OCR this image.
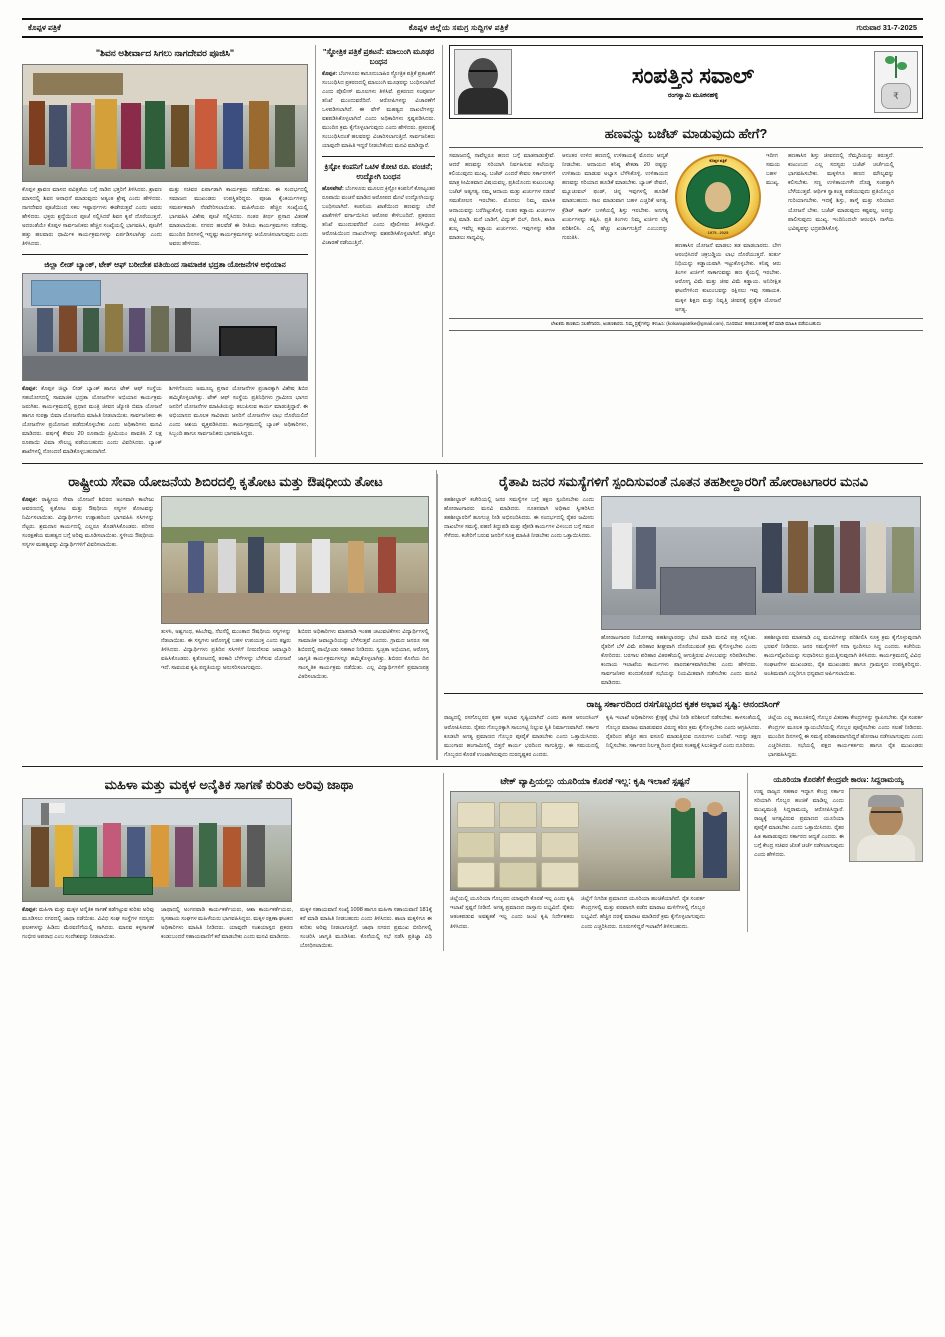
ಕೊಪ್ಪಳ ಪತ್ರಿಕೆ	ಕೊಪ್ಪಳ ಜಿಲ್ಲೆಯ ಸಮಗ್ರ ಸುದ್ದಿಗಳ ಪತ್ರಿಕೆ	ಗುರುವಾರ 31-7-2025
"ಶಿವನ ಅಶೀರ್ವಾದ ಸಿಗಲು ನಾಗದೇವರ ಪೂಜಿಸಿ"
ಕೊಪ್ಪಳ ಶ್ರಾವಣ ಮಾಸದ ಪವಿತ್ರತೆಯ ಬಗ್ಗೆ ನಾಡಿನ ಭಕ್ತರಿಗೆ ತಿಳಿಸಿದರು. ಶ್ರಾವಣ ಮಾಸದಲ್ಲಿ ಶಿವನ ಆರಾಧನೆ ಮಾಡುವುದು ಅತ್ಯಂತ ಶ್ರೇಷ್ಠ ಎಂದು ಹೇಳಿದರು. ನಾಗದೇವರ ಪೂಜೆಯಿಂದ ಸಕಲ ಇಷ್ಟಾರ್ಥಗಳು ಈಡೇರುತ್ತವೆ ಎಂದು ಅವರು ಹೇಳಿದರು. ಭಕ್ತರು ಶ್ರದ್ಧೆಯಿಂದ ಪೂಜೆ ಸಲ್ಲಿಸಿದರೆ ಶಿವನ ಕೃಪೆ ದೊರೆಯುತ್ತದೆ. ಅದರಂತೆಯೇ ಕೊಪ್ಪಳ ಸಾರ್ವಜನಿಕರು ಹೆಚ್ಚಿನ ಸಂಖ್ಯೆಯಲ್ಲಿ ಭಾಗವಹಿಸಿ, ಪೂಜೆಗೆ ಹತ್ತು ಹಲವಾರು ಧಾರ್ಮಿಕ ಕಾರ್ಯಕ್ರಮಗಳನ್ನು ಏರ್ಪಡಿಸಲಾಗಿತ್ತು ಎಂದು ತಿಳಿಸಿದರು.
ಮತ್ತು ಸಚಿವರ ಏರ್ಪಾಡಾಗಿ ಕಾರ್ಯಕ್ರಮ ನಡೆಯಿತು. ಈ ಸಂದರ್ಭದಲ್ಲಿ ಸಮಾಜದ ಮುಖಂಡರು ಉಪಸ್ಥಿತರಿದ್ದರು. ಪೂಜಾ ಕೈಂಕರ್ಯಗಳನ್ನು ಸಮರ್ಪಕವಾಗಿ ನೆರವೇರಿಸಲಾಯಿತು. ಮಹಿಳೆಯರು ಹೆಚ್ಚಿನ ಸಂಖ್ಯೆಯಲ್ಲಿ ಭಾಗವಹಿಸಿ ವಿಶೇಷ ಪೂಜೆ ಸಲ್ಲಿಸಿದರು. ನಂತರ ತೀರ್ಥ ಪ್ರಸಾದ ವಿತರಣೆ ಮಾಡಲಾಯಿತು. ನಗರದ ಹಲವೆಡೆ ಈ ರೀತಿಯ ಕಾರ್ಯಕ್ರಮಗಳು ನಡೆದವು. ಮುಂದಿನ ದಿನಗಳಲ್ಲಿ ಇನ್ನಷ್ಟು ಕಾರ್ಯಕ್ರಮಗಳನ್ನು ಆಯೋಜಿಸಲಾಗುವುದು ಎಂದು ಅವರು ಹೇಳಿದರು.
ಜಿಲ್ಲಾ ಲೀಡ್ ಬ್ಯಾಂಕ್, ಟೇಕ್ ಆಫ್ ಬರೀದೇಶ ವತಿಯಿಂದ ಸಾಮಾಜಿಕ ಭದ್ರತಾ ಯೋಜನೆಗಳ ಅಭಿಯಾನ
ಕೊಪ್ಪಳ: ಕೊಪ್ಪಳ ಜಿಲ್ಲಾ ಲೀಡ್ ಬ್ಯಾಂಕ್ ಹಾಗೂ ಟೇಕ್ ಆಫ್ ಸಂಸ್ಥೆಯ ಸಹಯೋಗದಲ್ಲಿ ಸಾಮಾಜಿಕ ಭದ್ರತಾ ಯೋಜನೆಗಳ ಅಭಿಯಾನ ಕಾರ್ಯಕ್ರಮ ಜರುಗಿತು. ಕಾರ್ಯಕ್ರಮದಲ್ಲಿ ಪ್ರಧಾನ ಮಂತ್ರಿ ಜೀವನ ಜ್ಯೋತಿ ಬಿಮಾ ಯೋಜನೆ ಹಾಗೂ ಸುರಕ್ಷಾ ಬಿಮಾ ಯೋಜನೆಯ ಮಾಹಿತಿ ನೀಡಲಾಯಿತು. ಸಾರ್ವಜನಿಕರು ಈ ಯೋಜನೆಗಳ ಪ್ರಯೋಜನ ಪಡೆದುಕೊಳ್ಳಬೇಕು ಎಂದು ಅಧಿಕಾರಿಗಳು ಮನವಿ ಮಾಡಿದರು. ವರ್ಷಕ್ಕೆ ಕೇವಲ 20 ರೂಪಾಯಿ ಪ್ರೀಮಿಯಂ ಪಾವತಿಸಿ 2 ಲಕ್ಷ ರೂಪಾಯಿ ವಿಮಾ ಸೌಲಭ್ಯ ಪಡೆಯಬಹುದು ಎಂದು ವಿವರಿಸಿದರು. ಬ್ಯಾಂಕ್ ಶಾಖೆಗಳಲ್ಲಿ ನೋಂದಣಿ ಮಾಡಿಕೊಳ್ಳಬಹುದಾಗಿದೆ.
ಶಿಗಳಿಗೊಂದು ಅಮೂಲ್ಯ ಪ್ರಸಾರ ಯೋಜನೆಗಳ ಪ್ರಚಾರಕ್ಕಾಗಿ ವಿಶೇಷ ಶಿಬಿರ ಹಮ್ಮಿಕೊಳ್ಳಲಾಗಿತ್ತು. ಟೇಕ್ ಆಫ್ ಸಂಸ್ಥೆಯ ಪ್ರತಿನಿಧಿಗಳು ಗ್ರಾಮೀಣ ಭಾಗದ ಜನರಿಗೆ ಯೋಜನೆಗಳ ಮಾಹಿತಿಯನ್ನು ತಲುಪಿಸುವ ಕಾರ್ಯ ಮಾಡುತ್ತಿದ್ದಾರೆ. ಈ ಅಭಿಯಾನದ ಮೂಲಕ ಸಾವಿರಾರು ಜನರಿಗೆ ಯೋಜನೆಗಳ ಲಾಭ ದೊರೆಯಲಿದೆ ಎಂದು ಆಶಯ ವ್ಯಕ್ತಪಡಿಸಿದರು. ಕಾರ್ಯಕ್ರಮದಲ್ಲಿ ಬ್ಯಾಂಕ್ ಅಧಿಕಾರಿಗಳು, ಸಿಬ್ಬಂದಿ ಹಾಗೂ ಸಾರ್ವಜನಿಕರು ಭಾಗವಹಿಸಿದ್ದರು.
"ಸ್ಥೋತ್ರಿಕ ಪತ್ರಿಕೆ ಪ್ರಕಟನೆ: ಮಾಲುಂಗಿ ಮೂಢರ ಬಂಧನ
ಕೊಪ್ಪಳ: ಬೆಂಗಳೂರು ಕಾನೂನುಬಾಹಿರ ಸ್ಥೋತ್ರಿಕ ಪತ್ರಿಕೆ ಪ್ರಕಟಣೆಗೆ ಸಂಬಂಧಿಸಿದ ಪ್ರಕರಣದಲ್ಲಿ ಮಾಲುಂಗಿ ಮೂಢರನ್ನು ಬಂಧಿಸಲಾಗಿದೆ ಎಂದು ಪೊಲೀಸ್ ಮೂಲಗಳು ತಿಳಿಸಿವೆ. ಪ್ರಕರಣದ ಸಂಪೂರ್ಣ ತನಿಖೆ ಮುಂದುವರೆದಿದೆ. ಆರೋಪಿಗಳನ್ನು ವಿಚಾರಣೆಗೆ ಒಳಪಡಿಸಲಾಗಿದೆ. ಈ ವೇಳೆ ಮಹತ್ವದ ದಾಖಲೆಗಳನ್ನು ವಶಪಡಿಸಿಕೊಳ್ಳಲಾಗಿದೆ ಎಂದು ಅಧಿಕಾರಿಗಳು ಸ್ಪಷ್ಟಪಡಿಸಿದರು. ಮುಂದಿನ ಕ್ರಮ ಕೈಗೊಳ್ಳಲಾಗುವುದು ಎಂದು ಹೇಳಿದರು. ಪ್ರಕರಣಕ್ಕೆ ಸಂಬಂಧಿಸಿದಂತೆ ಹಲವರನ್ನು ವಿಚಾರಿಸಲಾಗುತ್ತಿದೆ. ಸಾರ್ವಜನಿಕರು ಯಾವುದೇ ಮಾಹಿತಿ ಇದ್ದರೆ ನೀಡಬೇಕೆಂದು ಮನವಿ ಮಾಡಿದ್ದಾರೆ.
ಕ್ರಿಸ್ಟೋ ಕಂಪನಿಗೆ ಒಟಿಳ ಕೋಟಿ ರೂ. ವಂಚನೆ; ಉದ್ಯೋಗಿ ಬಂಧನ
ಹೊಸಪೇಟೆ: ಬೆಂಗಳೂರು ಮೂಲದ ಕ್ರಿಸ್ಟೋ ಕಂಪನಿಗೆ ಕೋಟ್ಯಂತರ ರೂಪಾಯಿ ವಂಚನೆ ಮಾಡಿದ ಆರೋಪದ ಮೇಲೆ ಉದ್ಯೋಗಿಯನ್ನು ಬಂಧಿಸಲಾಗಿದೆ. ಕಂಪನಿಯ ಖಾತೆಯಿಂದ ಹಣವನ್ನು ಬೇರೆ ಖಾತೆಗಳಿಗೆ ವರ್ಗಾಯಿಸಿದ ಆರೋಪ ಕೇಳಿಬಂದಿದೆ. ಪ್ರಕರಣದ ತನಿಖೆ ಮುಂದುವರೆದಿದೆ ಎಂದು ಪೊಲೀಸರು ತಿಳಿಸಿದ್ದಾರೆ. ಆರೋಪಿಯಿಂದ ದಾಖಲೆಗಳನ್ನು ವಶಪಡಿಸಿಕೊಳ್ಳಲಾಗಿದೆ. ಹೆಚ್ಚಿನ ವಿಚಾರಣೆ ನಡೆಯುತ್ತಿದೆ.
ಸಂಪತ್ತಿನ ಸವಾಲ್
ರಂಗಸ್ವಾಮಿ ಮೂಕನಹಳ್ಳಿ	₹
ಹಣವನ್ನು ಬಜೆಟ್ ಮಾಡುವುದು ಹೇಗೆ?
ಸಮಾಜದಲ್ಲಿ ನಾವೆಲ್ಲರೂ ಹಣದ ಬಗ್ಗೆ ಮಾತನಾಡುತ್ತೇವೆ. ಆದರೆ ಹಣವನ್ನು ಸರಿಯಾಗಿ ನಿರ್ವಹಿಸುವ ಕಲೆಯನ್ನು ಕಲಿಯುವುದು ಮುಖ್ಯ. ಬಜೆಟ್ ಎಂದರೆ ಕೇವಲ ಸರ್ಕಾರಗಳಿಗೆ ಮಾತ್ರ ಸೀಮಿತವಾದ ವಿಷಯವಲ್ಲ. ಪ್ರತಿಯೊಂದು ಕುಟುಂಬಕ್ಕೂ ಬಜೆಟ್ ಅತ್ಯಗತ್ಯ. ನಮ್ಮ ಆದಾಯ ಮತ್ತು ಖರ್ಚುಗಳ ನಡುವೆ ಸಮತೋಲನ ಇರಬೇಕು. ಮೊದಲು ನಿಮ್ಮ ಮಾಸಿಕ ಆದಾಯವನ್ನು ಬರೆದಿಟ್ಟುಕೊಳ್ಳಿ. ನಂತರ ಕಡ್ಡಾಯ ಖರ್ಚುಗಳ ಪಟ್ಟಿ ಮಾಡಿ. ಮನೆ ಬಾಡಿಗೆ, ವಿದ್ಯುತ್ ಬಿಲ್, ದಿನಸಿ, ಶಾಲಾ ಶುಲ್ಕ ಇವೆಲ್ಲ ಕಡ್ಡಾಯ ಖರ್ಚುಗಳು. ಇವುಗಳನ್ನು ಕಡಿತ ಮಾಡಲು ಸಾಧ್ಯವಿಲ್ಲ.
ಆನಂತರ ಉಳಿದ ಹಣದಲ್ಲಿ ಉಳಿತಾಯಕ್ಕೆ ಮೊದಲ ಆದ್ಯತೆ ನೀಡಬೇಕು. ಆದಾಯದ ಕನಿಷ್ಠ ಶೇಕಡಾ 20 ರಷ್ಟನ್ನು ಉಳಿತಾಯ ಮಾಡುವ ಅಭ್ಯಾಸ ಬೆಳೆಸಿಕೊಳ್ಳಿ. ಉಳಿತಾಯದ ಹಣವನ್ನು ಸರಿಯಾದ ಹೂಡಿಕೆ ಮಾಡಬೇಕು. ಬ್ಯಾಂಕ್ ಠೇವಣಿ, ಮ್ಯೂಚುವಲ್ ಫಂಡ್, ಚಿನ್ನ ಇವುಗಳಲ್ಲಿ ಹೂಡಿಕೆ ಮಾಡಬಹುದು. ಸಾಲ ಮಾಡುವಾಗ ಬಹಳ ಎಚ್ಚರಿಕೆ ಅಗತ್ಯ. ಕ್ರೆಡಿಟ್ ಕಾರ್ಡ್ ಬಳಕೆಯಲ್ಲಿ ಶಿಸ್ತು ಇರಬೇಕು. ಅನಗತ್ಯ ಖರ್ಚುಗಳನ್ನು ತಪ್ಪಿಸಿ. ಪ್ರತಿ ತಿಂಗಳು ನಿಮ್ಮ ಖರ್ಚಿನ ಲೆಕ್ಕ ಪರಿಶೀಲಿಸಿ. ಎಲ್ಲಿ ಹೆಚ್ಚು ಖರ್ಚಾಗುತ್ತಿದೆ ಎಂಬುದನ್ನು ಗುರುತಿಸಿ.
ಕೊಪ್ಪಳ ಪತ್ರಿಕೆ
1975 - 2025
ಇದೀಗ ಸಮಯ ಬಹಳ ಮುಖ್ಯ. ಹಣಕಾಸಿನ ಯೋಜನೆ ಮಾಡಲು ತಡ ಮಾಡಬಾರದು. ಬೇಗ ಆರಂಭಿಸಿದರೆ ಚಕ್ರಬಡ್ಡಿಯ ಲಾಭ ದೊರೆಯುತ್ತದೆ. ತುರ್ತು ನಿಧಿಯನ್ನು ಕಡ್ಡಾಯವಾಗಿ ಇಟ್ಟುಕೊಳ್ಳಬೇಕು. ಕನಿಷ್ಠ ಆರು ತಿಂಗಳ ಖರ್ಚಿಗೆ ಸಾಕಾಗುವಷ್ಟು ಹಣ ಕೈಯಲ್ಲಿ ಇರಬೇಕು. ಆರೋಗ್ಯ ವಿಮೆ ಮತ್ತು ಜೀವ ವಿಮೆ ಕಡ್ಡಾಯ. ಅನಿರೀಕ್ಷಿತ ಘಟನೆಗಳಿಂದ ಕುಟುಂಬವನ್ನು ರಕ್ಷಿಸಲು ಇವು ಸಹಾಯಕ. ಮಕ್ಕಳ ಶಿಕ್ಷಣ ಮತ್ತು ನಿವೃತ್ತಿ ಜೀವನಕ್ಕೆ ಪ್ರತ್ಯೇಕ ಯೋಜನೆ ಅಗತ್ಯ.
ಹಣಕಾಸಿನ ಶಿಸ್ತು ಜೀವನದಲ್ಲಿ ನೆಮ್ಮದಿಯನ್ನು ತರುತ್ತದೆ. ಕುಟುಂಬದ ಎಲ್ಲ ಸದಸ್ಯರು ಬಜೆಟ್ ಚರ್ಚೆಯಲ್ಲಿ ಭಾಗವಹಿಸಬೇಕು. ಮಕ್ಕಳಿಗೂ ಹಣದ ಮೌಲ್ಯವನ್ನು ಕಲಿಸಬೇಕು. ಸಣ್ಣ ಉಳಿತಾಯಗಳೇ ದೊಡ್ಡ ಸಂಪತ್ತಾಗಿ ಬೆಳೆಯುತ್ತವೆ. ಆರ್ಥಿಕ ಸ್ವಾತಂತ್ರ್ಯ ಪಡೆಯುವುದು ಪ್ರತಿಯೊಬ್ಬರ ಗುರಿಯಾಗಬೇಕು. ಇದಕ್ಕೆ ಶಿಸ್ತು, ತಾಳ್ಮೆ ಮತ್ತು ಸರಿಯಾದ ಯೋಜನೆ ಬೇಕು. ಬಜೆಟ್ ಮಾಡುವುದು ಕಷ್ಟವಲ್ಲ, ಅದನ್ನು ಪಾಲಿಸುವುದು ಮುಖ್ಯ. ಇಂದಿನಿಂದಲೇ ಆರಂಭಿಸಿ ನಾಳೆಯ ಭವಿಷ್ಯವನ್ನು ಭದ್ರಪಡಿಸಿಕೊಳ್ಳಿ.
ಲೇಖಕರು ಹಣಕಾಸು ಸಲಹೆಗಾರರು, ಅಂಕಣಕಾರರು. ನಿಮ್ಮ ಪ್ರಶ್ನೆಗಳನ್ನು ಕಳುಹಿಸಿ: (kolxarapatrike@gmail.com), ದೂರವಾಣಿ: 98612409ಕ್ಕೆ ಕರೆ ಮಾಡಿ ಮಾಹಿತಿ ಪಡೆಯಬಹುದು
ರಾಷ್ಟ್ರೀಯ ಸೇವಾ ಯೋಜನೆಯ ಶಿಬಿರದಲ್ಲಿ ಕೃತೋಟ ಮತ್ತು ಔಷಧೀಯ ತೋಟ
ಕೊಪ್ಪಳ: ರಾಷ್ಟ್ರೀಯ ಸೇವಾ ಯೋಜನೆ ಶಿಬಿರದ ಅಂಗವಾಗಿ ಕಾಲೇಜು ಆವರಣದಲ್ಲಿ ಕೃತೋಟ ಮತ್ತು ಔಷಧೀಯ ಸಸ್ಯಗಳ ತೋಟವನ್ನು ನಿರ್ಮಿಸಲಾಯಿತು. ವಿದ್ಯಾರ್ಥಿಗಳು ಉತ್ಸಾಹದಿಂದ ಭಾಗವಹಿಸಿ ಸಸಿಗಳನ್ನು ನೆಟ್ಟರು. ಶ್ರಮದಾನ ಕಾರ್ಯದಲ್ಲಿ ಎಲ್ಲರೂ ತೊಡಗಿಸಿಕೊಂಡರು. ಪರಿಸರ ಸಂರಕ್ಷಣೆಯ ಮಹತ್ವದ ಬಗ್ಗೆ ಅರಿವು ಮೂಡಿಸಲಾಯಿತು. ಸ್ಥಳೀಯ ಔಷಧೀಯ ಸಸ್ಯಗಳ ಮಹತ್ವವನ್ನು ವಿದ್ಯಾರ್ಥಿಗಳಿಗೆ ವಿವರಿಸಲಾಯಿತು.
ತುಳಸಿ, ಅಶ್ವಗಂಧ, ಕಹಿಬೇವು, ನೆಲನೆಲ್ಲಿ ಮುಂತಾದ ಔಷಧೀಯ ಸಸ್ಯಗಳನ್ನು ನೆಡಲಾಯಿತು. ಈ ಸಸ್ಯಗಳು ಆರೋಗ್ಯಕ್ಕೆ ಬಹಳ ಉಪಯುಕ್ತ ಎಂದು ತಜ್ಞರು ತಿಳಿಸಿದರು. ವಿದ್ಯಾರ್ಥಿಗಳು ಪ್ರತಿದಿನ ಸಸಿಗಳಿಗೆ ನೀರುಣಿಸುವ ಜವಾಬ್ದಾರಿ ವಹಿಸಿಕೊಂಡರು. ಕೃತೋಟದಲ್ಲಿ ತರಕಾರಿ ಬೆಳೆಗಳನ್ನು ಬೆಳೆಸುವ ಯೋಜನೆ ಇದೆ. ಸಾವಯವ ಕೃಷಿ ಪದ್ಧತಿಯನ್ನು ಅನುಸರಿಸಲಾಗುವುದು.
ಶಿಬಿರದ ಅಧಿಕಾರಿಗಳು ಮಾತನಾಡಿ ಇಂತಹ ಚಟುವಟಿಕೆಗಳು ವಿದ್ಯಾರ್ಥಿಗಳಲ್ಲಿ ಸಾಮಾಜಿಕ ಜವಾಬ್ದಾರಿಯನ್ನು ಬೆಳೆಸುತ್ತವೆ ಎಂದರು. ಗ್ರಾಮದ ಜನರೂ ಸಹ ಶಿಬಿರದಲ್ಲಿ ಪಾಲ್ಗೊಂಡು ಸಹಕಾರ ನೀಡಿದರು. ಸ್ವಚ್ಛತಾ ಅಭಿಯಾನ, ಆರೋಗ್ಯ ಜಾಗೃತಿ ಕಾರ್ಯಕ್ರಮಗಳನ್ನೂ ಹಮ್ಮಿಕೊಳ್ಳಲಾಗಿತ್ತು. ಶಿಬಿರದ ಕೊನೆಯ ದಿನ ಸಾಂಸ್ಕೃತಿಕ ಕಾರ್ಯಕ್ರಮ ನಡೆಯಿತು. ಎಲ್ಲ ವಿದ್ಯಾರ್ಥಿಗಳಿಗೆ ಪ್ರಮಾಣಪತ್ರ ವಿತರಿಸಲಾಯಿತು.
ರೈತಾಪಿ ಜನರ ಸಮಸ್ಯೆಗಳಿಗೆ ಸ್ಪಂದಿಸುವಂತೆ ನೂತನ ತಹಶೀಲ್ದಾರರಿಗೆ ಹೋರಾಟಗಾರರ ಮನವಿ
ತಹಶೀಲ್ದಾರ್ ಕಚೇರಿಯಲ್ಲಿ ಜನರ ಸಮಸ್ಯೆಗಳ ಬಗ್ಗೆ ತಕ್ಷಣ ಸ್ಪಂದಿಸಬೇಕು ಎಂದು ಹೋರಾಟಗಾರರು ಮನವಿ ಮಾಡಿದರು. ನೂತನವಾಗಿ ಅಧಿಕಾರ ಸ್ವೀಕರಿಸಿದ ತಹಶೀಲ್ದಾರರಿಗೆ ಹೂಗುಚ್ಛ ನೀಡಿ ಅಭಿನಂದಿಸಿದರು. ಈ ಸಂದರ್ಭದಲ್ಲಿ ರೈತರ ಜಮೀನು ದಾಖಲೆಗಳ ಸಮಸ್ಯೆ, ಪಹಣಿ ತಿದ್ದುಪಡಿ ಮತ್ತು ಪೋಡಿ ಕಾರ್ಯಗಳ ವಿಳಂಬದ ಬಗ್ಗೆ ಗಮನ ಸೆಳೆದರು. ಕಚೇರಿಗೆ ಬರುವ ಜನರಿಗೆ ಸೂಕ್ತ ಮಾಹಿತಿ ನೀಡಬೇಕು ಎಂದು ಒತ್ತಾಯಿಸಿದರು.
ಹೋರಾಟಗಾರರ ನಿಯೋಗವು ತಹಶೀಲ್ದಾರರನ್ನು ಭೇಟಿ ಮಾಡಿ ಮನವಿ ಪತ್ರ ಸಲ್ಲಿಸಿತು. ರೈತರಿಗೆ ಬೆಳೆ ವಿಮೆ ಪರಿಹಾರ ಶೀಘ್ರವಾಗಿ ದೊರೆಯುವಂತೆ ಕ್ರಮ ಕೈಗೊಳ್ಳಬೇಕು ಎಂದು ಕೋರಿದರು. ಬರಗಾಲ ಪರಿಹಾರ ವಿತರಣೆಯಲ್ಲಿ ಆಗುತ್ತಿರುವ ವಿಳಂಬವನ್ನು ಸರಿಪಡಿಸಬೇಕು. ಕಂದಾಯ ಇಲಾಖೆಯ ಕಾರ್ಯಗಳು ಪಾರದರ್ಶಕವಾಗಿರಬೇಕು ಎಂದು ಹೇಳಿದರು. ಸಾರ್ವಜನಿಕರ ಕುಂದುಕೊರತೆ ಸಭೆಯನ್ನು ನಿಯಮಿತವಾಗಿ ನಡೆಸಬೇಕು ಎಂದು ಮನವಿ ಮಾಡಿದರು.
ತಹಶೀಲ್ದಾರರು ಮಾತನಾಡಿ ಎಲ್ಲ ಮನವಿಗಳನ್ನು ಪರಿಶೀಲಿಸಿ ಸೂಕ್ತ ಕ್ರಮ ಕೈಗೊಳ್ಳುವುದಾಗಿ ಭರವಸೆ ನೀಡಿದರು. ಜನರ ಸಮಸ್ಯೆಗಳಿಗೆ ಸದಾ ಸ್ಪಂದಿಸಲು ಸಿದ್ಧ ಎಂದರು. ಕಚೇರಿಯ ಕಾರ್ಯವೈಖರಿಯನ್ನು ಸುಧಾರಿಸಲು ಪ್ರಯತ್ನಿಸುವುದಾಗಿ ತಿಳಿಸಿದರು. ಕಾರ್ಯಕ್ರಮದಲ್ಲಿ ವಿವಿಧ ಸಂಘಟನೆಗಳ ಮುಖಂಡರು, ರೈತ ಮುಖಂಡರು ಹಾಗೂ ಗ್ರಾಮಸ್ಥರು ಉಪಸ್ಥಿತರಿದ್ದರು. ಅಂತಿಮವಾಗಿ ಎಲ್ಲರಿಗೂ ಧನ್ಯವಾದ ಅರ್ಪಿಸಲಾಯಿತು.
ರಾಜ್ಯ ಸರ್ಕಾರದಿಂದ ರಸಗೊಬ್ಬರದ ಕೃತಕ ಅಭಾವ ಸೃಷ್ಟಿ: ಆನಂದಸಿಂಗ್
ರಾಜ್ಯದಲ್ಲಿ ರಸಗೊಬ್ಬರದ ಕೃತಕ ಅಭಾವ ಸೃಷ್ಟಿಯಾಗಿದೆ ಎಂದು ಶಾಸಕ ಆನಂದಸಿಂಗ್ ಆರೋಪಿಸಿದರು. ರೈತರು ಗೊಬ್ಬರಕ್ಕಾಗಿ ಸಾಲುಗಟ್ಟಿ ನಿಲ್ಲುವ ಸ್ಥಿತಿ ನಿರ್ಮಾಣವಾಗಿದೆ. ಸರ್ಕಾರ ಕೂಡಲೇ ಅಗತ್ಯ ಪ್ರಮಾಣದ ಗೊಬ್ಬರ ಪೂರೈಕೆ ಮಾಡಬೇಕು ಎಂದು ಒತ್ತಾಯಿಸಿದರು. ಮುಂಗಾರು ಹಂಗಾಮಿನಲ್ಲಿ ಬಿತ್ತನೆ ಕಾರ್ಯ ಭರದಿಂದ ಸಾಗುತ್ತಿದ್ದು, ಈ ಸಮಯದಲ್ಲಿ ಗೊಬ್ಬರದ ಕೊರತೆ ಉಂಟಾಗಿರುವುದು ದುರದೃಷ್ಟಕರ ಎಂದರು.
ಕೃಷಿ ಇಲಾಖೆ ಅಧಿಕಾರಿಗಳು ಕ್ಷೇತ್ರಕ್ಕೆ ಭೇಟಿ ನೀಡಿ ಪರಿಶೀಲನೆ ನಡೆಸಬೇಕು. ಕಾಳಸಂತೆಯಲ್ಲಿ ಗೊಬ್ಬರ ಮಾರಾಟ ಮಾಡುವವರ ವಿರುದ್ಧ ಕಠಿಣ ಕ್ರಮ ಕೈಗೊಳ್ಳಬೇಕು ಎಂದು ಆಗ್ರಹಿಸಿದರು. ರೈತರಿಂದ ಹೆಚ್ಚಿನ ಹಣ ವಸೂಲಿ ಮಾಡುತ್ತಿರುವ ದೂರುಗಳು ಬಂದಿವೆ. ಇದನ್ನು ತಕ್ಷಣ ನಿಲ್ಲಿಸಬೇಕು. ಸರ್ಕಾರದ ನಿರ್ಲಕ್ಷ್ಯದಿಂದ ರೈತರು ಸಂಕಷ್ಟಕ್ಕೆ ಸಿಲುಕಿದ್ದಾರೆ ಎಂದು ದೂರಿದರು.
ಜಿಲ್ಲೆಯ ಎಲ್ಲ ತಾಲೂಕಿನಲ್ಲಿ ಗೊಬ್ಬರ ವಿತರಣಾ ಕೇಂದ್ರಗಳನ್ನು ಸ್ಥಾಪಿಸಬೇಕು. ರೈತ ಸಂಪರ್ಕ ಕೇಂದ್ರಗಳ ಮೂಲಕ ನ್ಯಾಯಬೆಲೆಯಲ್ಲಿ ಗೊಬ್ಬರ ಪೂರೈಸಬೇಕು ಎಂದು ಸಲಹೆ ನೀಡಿದರು. ಮುಂದಿನ ದಿನಗಳಲ್ಲಿ ಈ ಸಮಸ್ಯೆ ಪರಿಹಾರವಾಗದಿದ್ದರೆ ಹೋರಾಟ ನಡೆಸಲಾಗುವುದು ಎಂದು ಎಚ್ಚರಿಸಿದರು. ಸಭೆಯಲ್ಲಿ ಪಕ್ಷದ ಕಾರ್ಯಕರ್ತರು ಹಾಗೂ ರೈತ ಮುಖಂಡರು ಭಾಗವಹಿಸಿದ್ದರು.
ಮಹಿಳಾ ಮತ್ತು ಮಕ್ಕಳ ಅನೈತಿಕ ಸಾಗಣೆ ಕುರಿತು ಅರಿವು ಜಾಥಾ
ಕೊಪ್ಪಳ: ಮಹಿಳಾ ಮತ್ತು ಮಕ್ಕಳ ಅನೈತಿಕ ಸಾಗಣೆ ತಡೆಗಟ್ಟುವ ಕುರಿತು ಅರಿವು ಮೂಡಿಸಲು ನಗರದಲ್ಲಿ ಜಾಥಾ ನಡೆಯಿತು. ವಿವಿಧ ಸಂಘ ಸಂಸ್ಥೆಗಳ ಸದಸ್ಯರು ಫಲಕಗಳನ್ನು ಹಿಡಿದು ಮೆರವಣಿಗೆಯಲ್ಲಿ ಸಾಗಿದರು. ಮಾನವ ಕಳ್ಳಸಾಗಣೆ ಗಂಭೀರ ಅಪರಾಧ ಎಂಬ ಸಂದೇಶವನ್ನು ನೀಡಲಾಯಿತು.
ಜಾಥಾದಲ್ಲಿ ಅಂಗನವಾಡಿ ಕಾರ್ಯಕರ್ತೆಯರು, ಆಶಾ ಕಾರ್ಯಕರ್ತೆಯರು, ಸ್ವಸಹಾಯ ಸಂಘಗಳ ಮಹಿಳೆಯರು ಭಾಗವಹಿಸಿದ್ದರು. ಮಕ್ಕಳ ರಕ್ಷಣಾ ಘಟಕದ ಅಧಿಕಾರಿಗಳು ಮಾಹಿತಿ ನೀಡಿದರು. ಯಾವುದೇ ಸಂಶಯಾಸ್ಪದ ಪ್ರಕರಣ ಕಂಡುಬಂದರೆ ಸಹಾಯವಾಣಿಗೆ ಕರೆ ಮಾಡಬೇಕು ಎಂದು ಮನವಿ ಮಾಡಿದರು.
ಮಕ್ಕಳ ಸಹಾಯವಾಣಿ ಸಂಖ್ಯೆ 1098 ಹಾಗೂ ಮಹಿಳಾ ಸಹಾಯವಾಣಿ 181ಕ್ಕೆ ಕರೆ ಮಾಡಿ ಮಾಹಿತಿ ನೀಡಬಹುದು ಎಂದು ತಿಳಿಸಿದರು. ಶಾಲಾ ಮಕ್ಕಳಿಗೂ ಈ ಕುರಿತು ಅರಿವು ನೀಡಲಾಗುತ್ತಿದೆ. ಜಾಥಾ ನಗರದ ಪ್ರಮುಖ ಬೀದಿಗಳಲ್ಲಿ ಸಂಚರಿಸಿ ಜಾಗೃತಿ ಮೂಡಿಸಿತು. ಕೊನೆಯಲ್ಲಿ ಸಭೆ ನಡೆಸಿ ಪ್ರತಿಜ್ಞಾ ವಿಧಿ ಬೋಧಿಸಲಾಯಿತು.
ಟೇಕ್ ವ್ಯಾಪ್ತಿಯಲ್ಲು ಯೂರಿಯಾ ಕೊರತೆ ಇಲ್ಲ: ಕೃಷಿ ಇಲಾಖೆ ಸ್ಪಷ್ಟನೆ
ಜಿಲ್ಲೆಯಲ್ಲಿ ಯೂರಿಯಾ ಗೊಬ್ಬರದ ಯಾವುದೇ ಕೊರತೆ ಇಲ್ಲ ಎಂದು ಕೃಷಿ ಇಲಾಖೆ ಸ್ಪಷ್ಟನೆ ನೀಡಿದೆ. ಅಗತ್ಯ ಪ್ರಮಾಣದ ದಾಸ್ತಾನು ಲಭ್ಯವಿದೆ. ರೈತರು ಆತಂಕಪಡುವ ಅವಶ್ಯಕತೆ ಇಲ್ಲ ಎಂದು ಜಂಟಿ ಕೃಷಿ ನಿರ್ದೇಶಕರು ತಿಳಿಸಿದರು.
ಜಿಲ್ಲೆಗೆ ನಿಗದಿತ ಪ್ರಮಾಣದ ಯೂರಿಯಾ ಹಂಚಿಕೆಯಾಗಿದೆ. ರೈತ ಸಂಪರ್ಕ ಕೇಂದ್ರಗಳಲ್ಲಿ ಮತ್ತು ಪರವಾನಗಿ ಪಡೆದ ಮಾರಾಟ ಮಳಿಗೆಗಳಲ್ಲಿ ಗೊಬ್ಬರ ಲಭ್ಯವಿದೆ. ಹೆಚ್ಚಿನ ದರಕ್ಕೆ ಮಾರಾಟ ಮಾಡಿದರೆ ಕ್ರಮ ಕೈಗೊಳ್ಳಲಾಗುವುದು ಎಂದು ಎಚ್ಚರಿಸಿದರು. ದೂರುಗಳಿದ್ದರೆ ಇಲಾಖೆಗೆ ತಿಳಿಸಬಹುದು.
ಯೂರಿಯಾ ಕೊರತೆಗೆ ಕೇಂದ್ರವೇ ಕಾರಣ: ಸಿದ್ದರಾಮಯ್ಯ
ಉಷ್ಣ ರಾಜ್ಯದ ಸಹಕಾರ ಇದ್ದಾಗ ಕೇಂದ್ರ ಸರ್ಕಾರ ಸರಿಯಾಗಿ ಗೊಬ್ಬರ ಹಂಚಿಕೆ ಮಾಡಿಲ್ಲ ಎಂದು ಮುಖ್ಯಮಂತ್ರಿ ಸಿದ್ದರಾಮಯ್ಯ ಆರೋಪಿಸಿದ್ದಾರೆ. ರಾಜ್ಯಕ್ಕೆ ಅಗತ್ಯವಿರುವ ಪ್ರಮಾಣದ ಯೂರಿಯಾ ಪೂರೈಕೆ ಮಾಡಬೇಕು ಎಂದು ಒತ್ತಾಯಿಸಿದರು. ರೈತರ ಹಿತ ಕಾಪಾಡುವುದು ಸರ್ಕಾರದ ಆದ್ಯತೆ ಎಂದರು. ಈ ಬಗ್ಗೆ ಕೇಂದ್ರ ಸಚಿವರ ಜೊತೆ ಚರ್ಚೆ ನಡೆಸಲಾಗುವುದು ಎಂದು ಹೇಳಿದರು.
